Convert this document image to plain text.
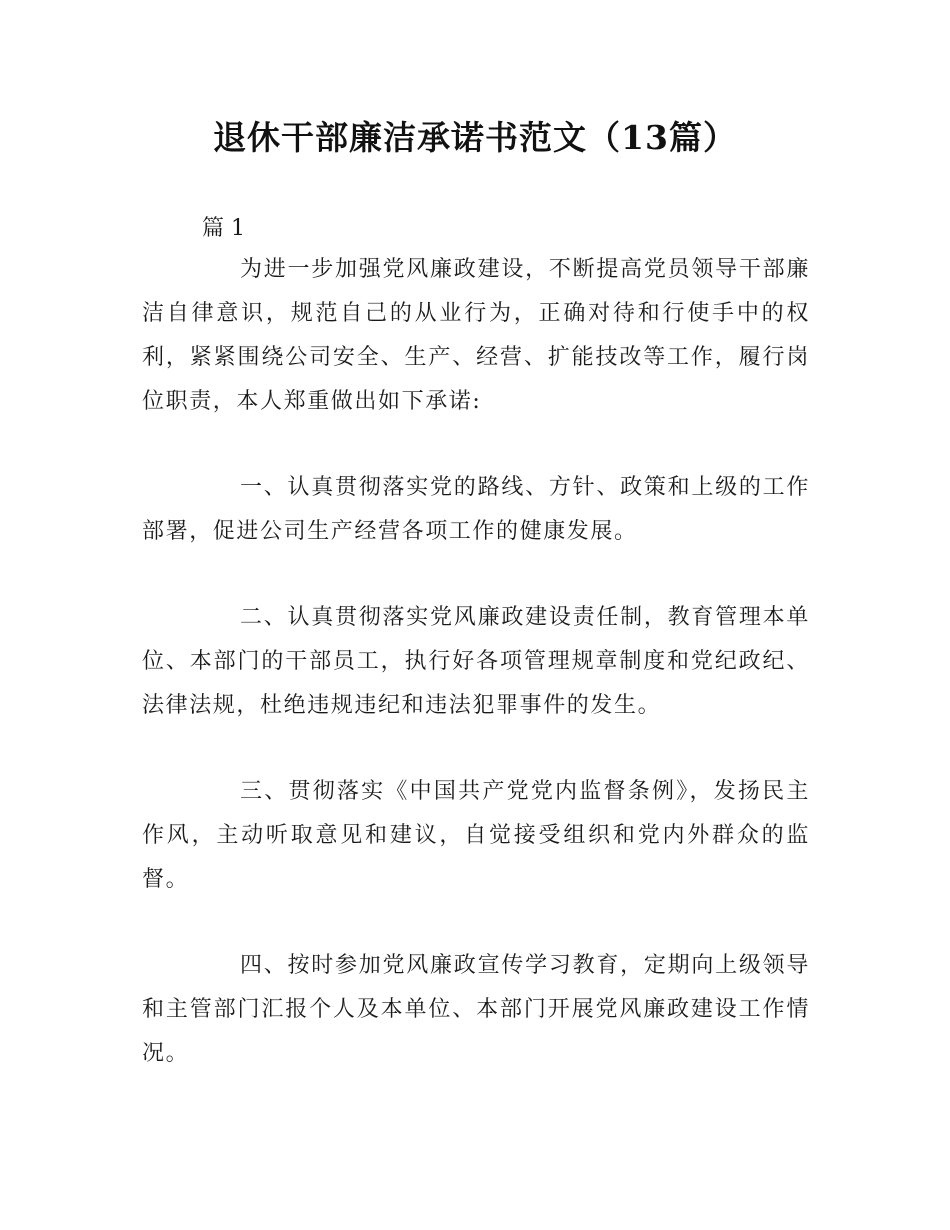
退休干部廉洁承诺书范文（13篇）

篇 1

为进一步加强党风廉政建设，不断提高党员领导干部廉洁自律意识，规范自己的从业行为，正确对待和行使手中的权利，紧紧围绕公司安全、生产、经营、扩能技改等工作，履行岗位职责，本人郑重做出如下承诺:

一、认真贯彻落实党的路线、方针、政策和上级的工作部署，促进公司生产经营各项工作的健康发展。

二、认真贯彻落实党风廉政建设责任制，教育管理本单位、本部门的干部员工，执行好各项管理规章制度和党纪政纪、法律法规，杜绝违规违纪和违法犯罪事件的发生。

三、贯彻落实《中国共产党党内监督条例》，发扬民主作风，主动听取意见和建议，自觉接受组织和党内外群众的监督。

四、按时参加党风廉政宣传学习教育，定期向上级领导和主管部门汇报个人及本单位、本部门开展党风廉政建设工作情况。
